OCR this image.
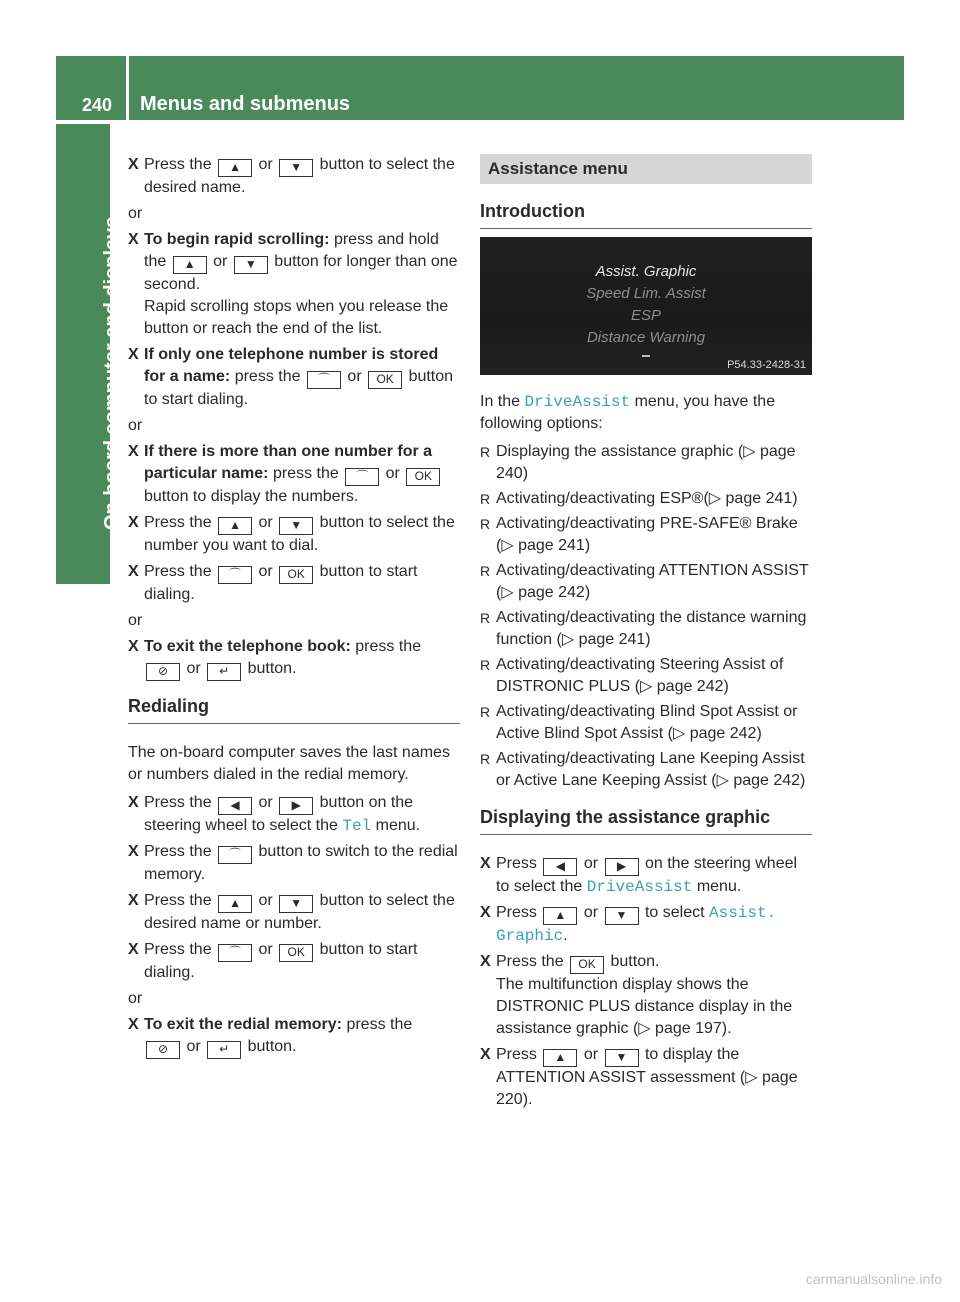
240 Menus and submenus
On-board computer and displays
X Press the ▲ or ▼ button to select the desired name.
or
X To begin rapid scrolling: press and hold the ▲ or ▼ button for longer than one second.
Rapid scrolling stops when you release the button or reach the end of the list.
X If only one telephone number is stored for a name: press the ⌒ or OK button to start dialing.
or
X If there is more than one number for a particular name: press the ⌒ or OK button to display the numbers.
X Press the ▲ or ▼ button to select the number you want to dial.
X Press the ⌒ or OK button to start dialing.
or
X To exit the telephone book: press the
⊘ or ↵ button.
Redialing

The on-board computer saves the last names or numbers dialed in the redial memory.

X Press the ◀ or ▶ button on the steering wheel to select the Tel menu.
X Press the ⌒ button to switch to the redial memory.
X Press the ▲ or ▼ button to select the desired name or number.
X Press the ⌒ or OK button to start dialing.
or
X To exit the redial memory: press the
⊘ or ↵ button.
Assistance menu
Introduction
Assist. Graphic
Speed Lim. Assist
ESP
Distance Warning
P54.33-2428-31

In the DriveAssist menu, you have the following options:

R Displaying the assistance graphic (▷ page 240)
R Activating/deactivating ESP®(▷ page 241)
R Activating/deactivating PRE-SAFE® Brake (▷ page 241)
R Activating/deactivating ATTENTION ASSIST (▷ page 242)
R Activating/deactivating the distance warning function (▷ page 241)
R Activating/deactivating Steering Assist of DISTRONIC PLUS (▷ page 242)
R Activating/deactivating Blind Spot Assist or Active Blind Spot Assist (▷ page 242)
R Activating/deactivating Lane Keeping Assist or Active Lane Keeping Assist (▷ page 242)
Displaying the assistance graphic
X Press ◀ or ▶ on the steering wheel to select the DriveAssist menu.
X Press ▲ or ▼ to select Assist. Graphic.
X Press the OK button.
The multifunction display shows the DISTRONIC PLUS distance display in the assistance graphic (▷ page 197).
X Press ▲ or ▼ to display the ATTENTION ASSIST assessment (▷ page 220).
carmanualsonline.info
